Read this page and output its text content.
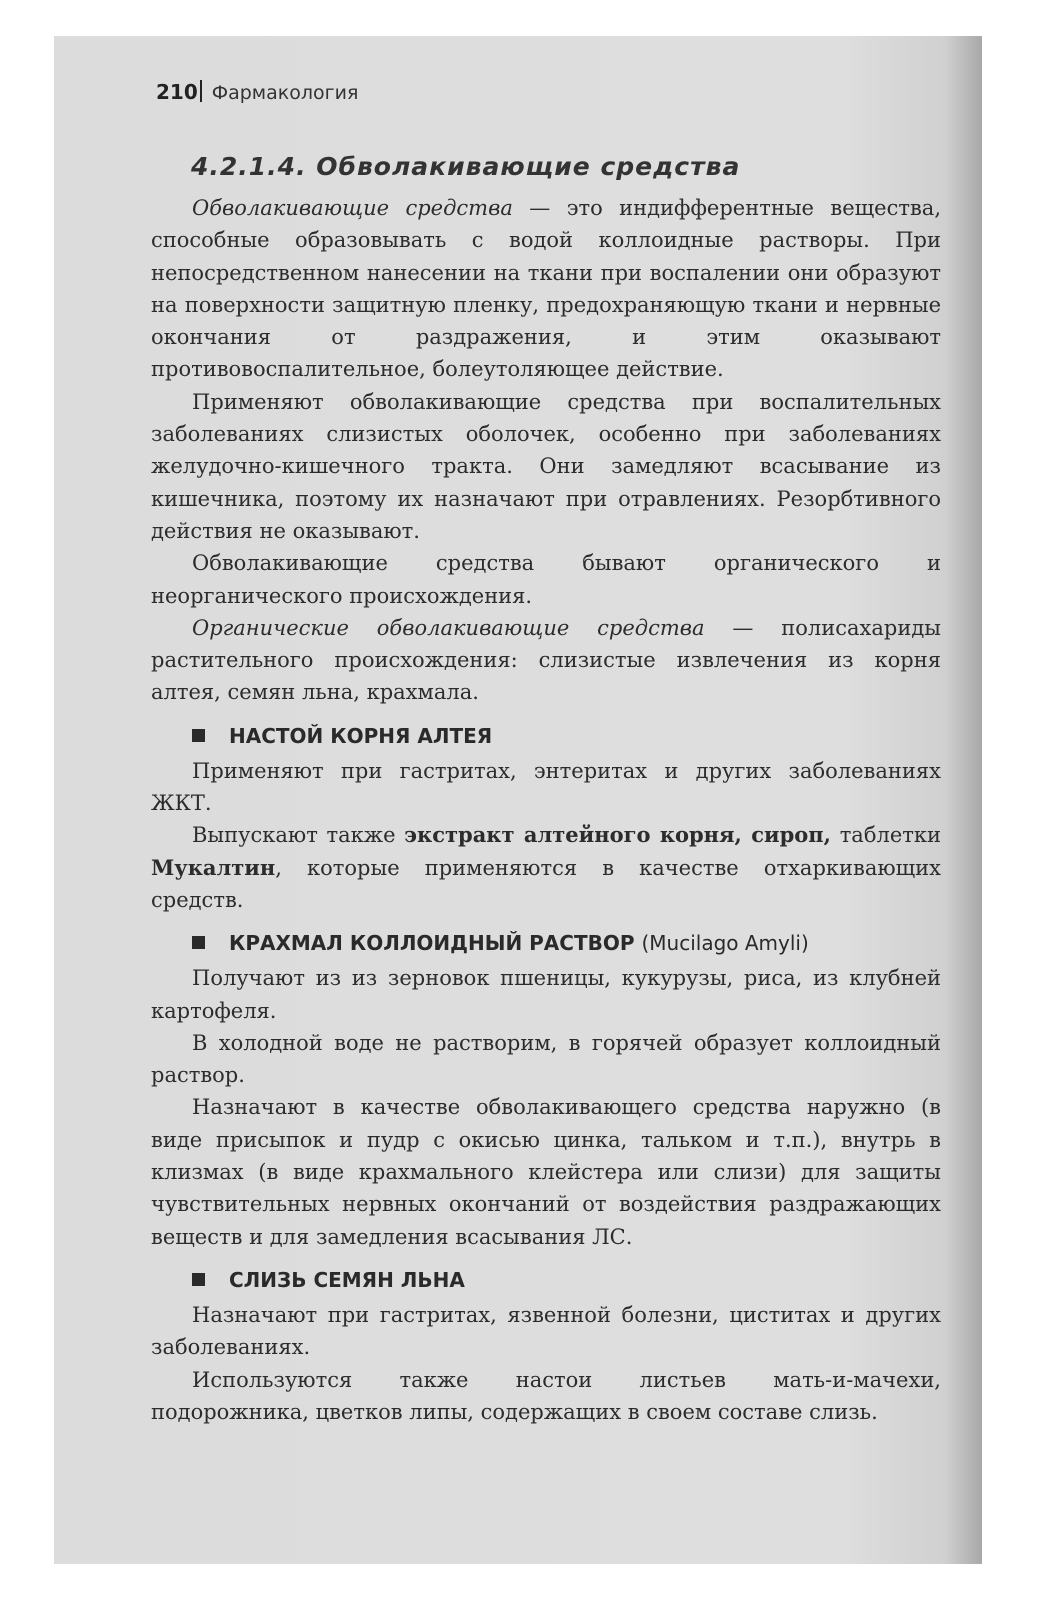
210 Фармакология
4.2.1.4. Обволакивающие средства

Обволакивающие средства — это индифферентные вещества, способные образовывать с водой коллоидные растворы. При непосредственном нанесении на ткани при воспалении они образуют на поверхности защитную пленку, предохраняющую ткани и нервные окончания от раздражения, и этим оказывают противовоспалительное, болеутоляющее действие.

Применяют обволакивающие средства при воспалительных заболеваниях слизистых оболочек, особенно при заболеваниях желудочно-кишечного тракта. Они замедляют всасывание из кишечника, поэтому их назначают при отравлениях. Резорбтивного действия не оказывают.

Обволакивающие средства бывают органического и неорганического происхождения.

Органические обволакивающие средства — полисахариды растительного происхождения: слизистые извлечения из корня алтея, семян льна, крахмала.

НАСТОЙ КОРНЯ АЛТЕЯ

Применяют при гастритах, энтеритах и других заболеваниях ЖКТ.

Выпускают также экстракт алтейного корня, сироп, таблетки Мукалтин, которые применяются в качестве отхаркивающих средств.

КРАХМАЛ КОЛЛОИДНЫЙ РАСТВОР (Mucilago Amyli)

Получают из из зерновок пшеницы, кукурузы, риса, из клубней картофеля.

В холодной воде не растворим, в горячей образует коллоидный раствор.

Назначают в качестве обволакивающего средства наружно (в виде присыпок и пудр с окисью цинка, тальком и т.п.), внутрь в клизмах (в виде крахмального клейстера или слизи) для защиты чувствительных нервных окончаний от воздействия раздражающих веществ и для замедления всасывания ЛС.

СЛИЗЬ СЕМЯН ЛЬНА

Назначают при гастритах, язвенной болезни, циститах и других заболеваниях.

Используются также настои листьев мать-и-мачехи, подорожника, цветков липы, содержащих в своем составе слизь.
